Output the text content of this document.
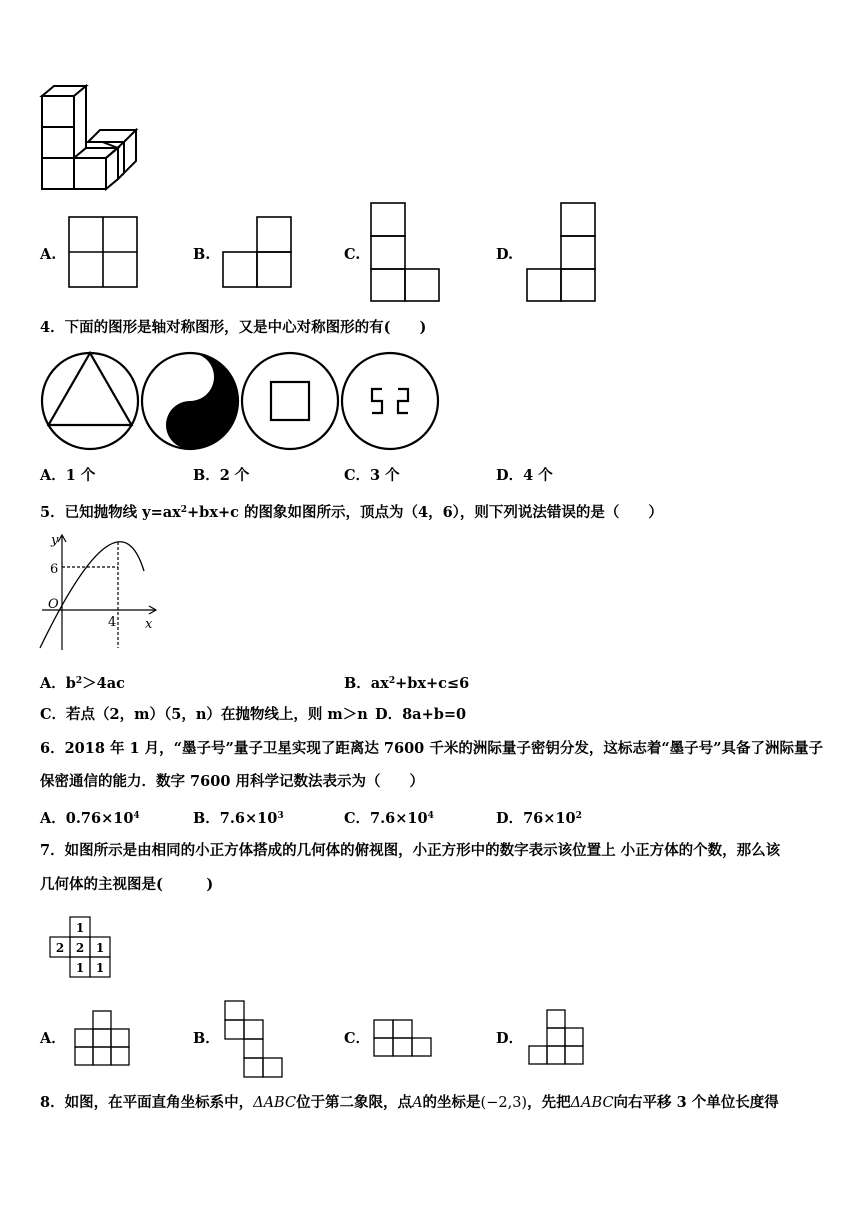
A.	B.	C.	D.
4．下面的图形是轴对称图形，又是中心对称图形的有(　　)
A．1 个	B．2 个	C．3 个	D．4 个
5．已知抛物线 $y=ax^2+bx+c$ 的图象如图所示，顶点为（4，6），则下列说法错误的是（　　）
y
x
O
6
4
A．$b^2>4ac$	B．$ax^2+bx+c\le 6$
C．若点（2，m）（5，n）在抛物线上，则 m＞n D．8a+b=0
6．2018 年 1 月，“墨子号”量子卫星实现了距离达 7600 千米的洲际量子密钥分发，这标志着“墨子号”具备了洲际量子
保密通信的能力．数字 7600 用科学记数法表示为（　　）
A．$0.76\times 10^4$	B．$7.6\times 10^3$	C．$7.6\times 10^4$	D．$76\times 10^2$
7．如图所示是由相同的小正方体搭成的几何体的俯视图，小正方形中的数字表示该位置上 小正方体的个数，那么该
几何体的主视图是(　　　)
1
2 2 1
1 1
A．	B．	C．	D．
8．如图，在平面直角坐标系中，ΔABC位于第二象限，点A的坐标是(−2,3)，先把ΔABC向右平移 3 个单位长度得
